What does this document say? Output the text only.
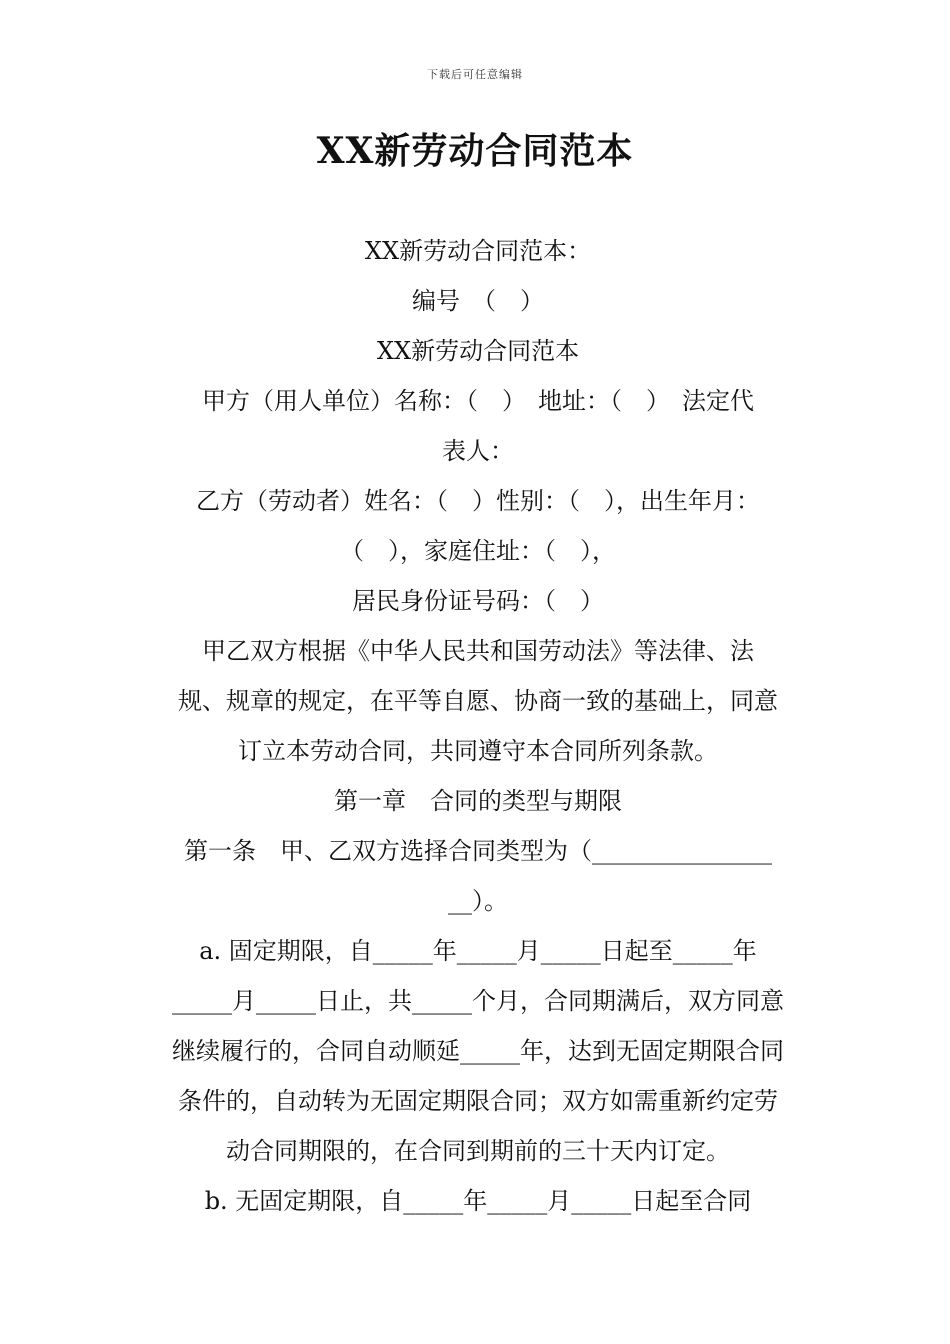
下载后可任意编辑
XX新劳动合同范本
XX新劳动合同范本：
编号　（　）
XX新劳动合同范本
甲方（用人单位）名称：（　）　地址：（　）　法定代
表人：
乙方（劳动者）姓名：（　）性别：（　），出生年月：
（　），家庭住址：（　），
居民身份证号码：（　）
甲乙双方根据《中华人民共和国劳动法》等法律、法
规、规章的规定，在平等自愿、协商一致的基础上，同意
订立本劳动合同，共同遵守本合同所列条款。
第一章　合同的类型与期限
第一条　甲、乙双方选择合同类型为（_______________
__）。
a. 固定期限，自_____年_____月_____日起至_____年
_____月_____日止，共_____个月，合同期满后，双方同意
继续履行的，合同自动顺延_____年，达到无固定期限合同
条件的，自动转为无固定期限合同；双方如需重新约定劳
动合同期限的，在合同到期前的三十天内订定。
b. 无固定期限，自_____年_____月_____日起至合同
